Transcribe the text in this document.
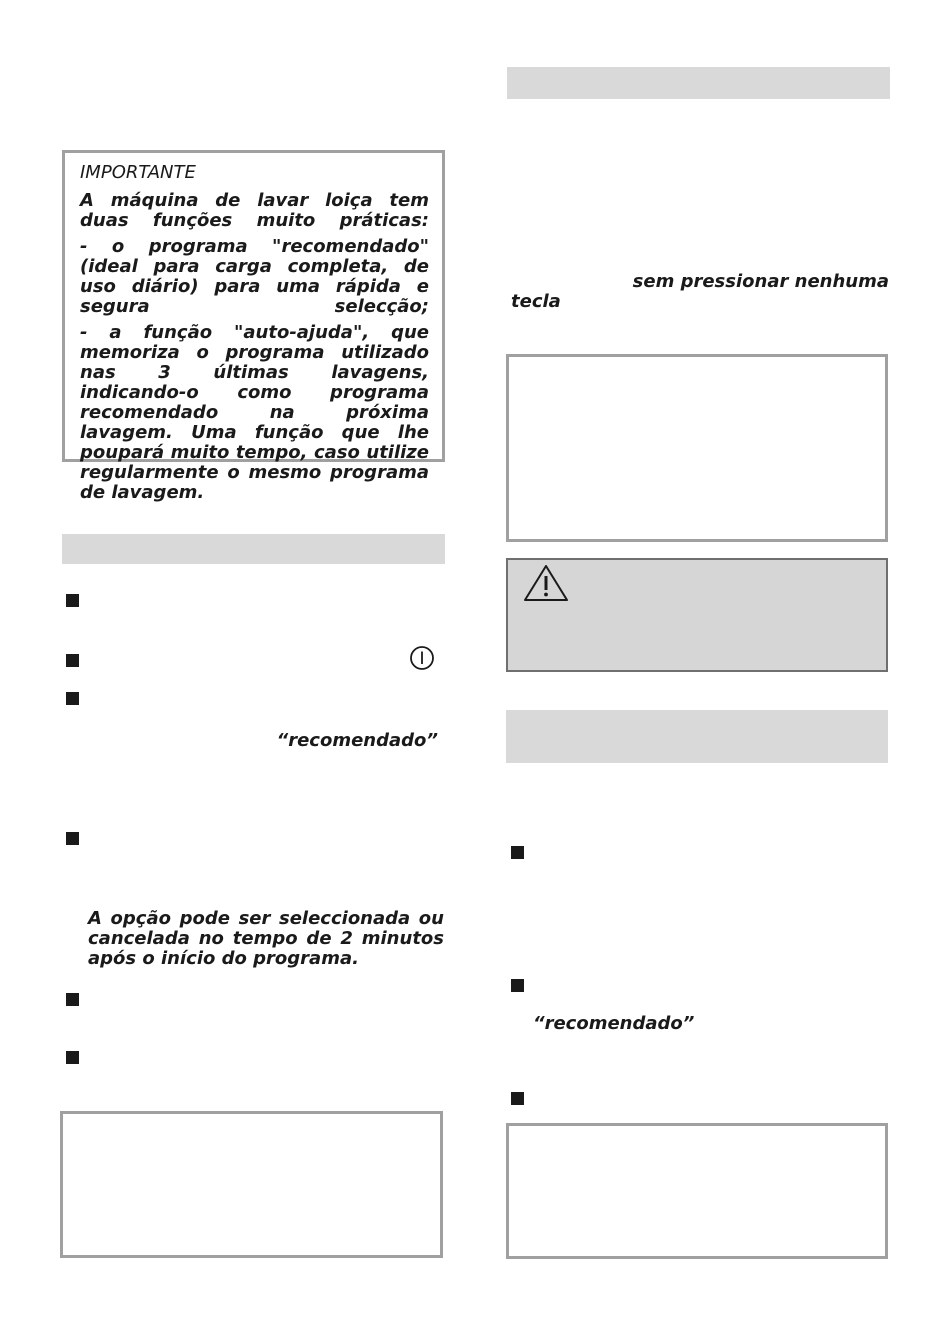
IMPORTANTE
A máquina de lavar loiça tem duas funções muito práticas:
- o programa "recomendado" (ideal para carga completa, de uso diário) para uma rápida e segura selecção;
- a função "auto-ajuda", que memoriza o programa utilizado nas 3 últimas lavagens, indicando-o como programa recomendado na próxima lavagem. Uma função que lhe poupará muito tempo, caso utilize regularmente o mesmo programa de lavagem.
“recomendado”
A opção pode ser seleccionada ou cancelada no tempo de 2 minutos após o início do programa.
sem pressionar nenhuma
tecla
“recomendado”
